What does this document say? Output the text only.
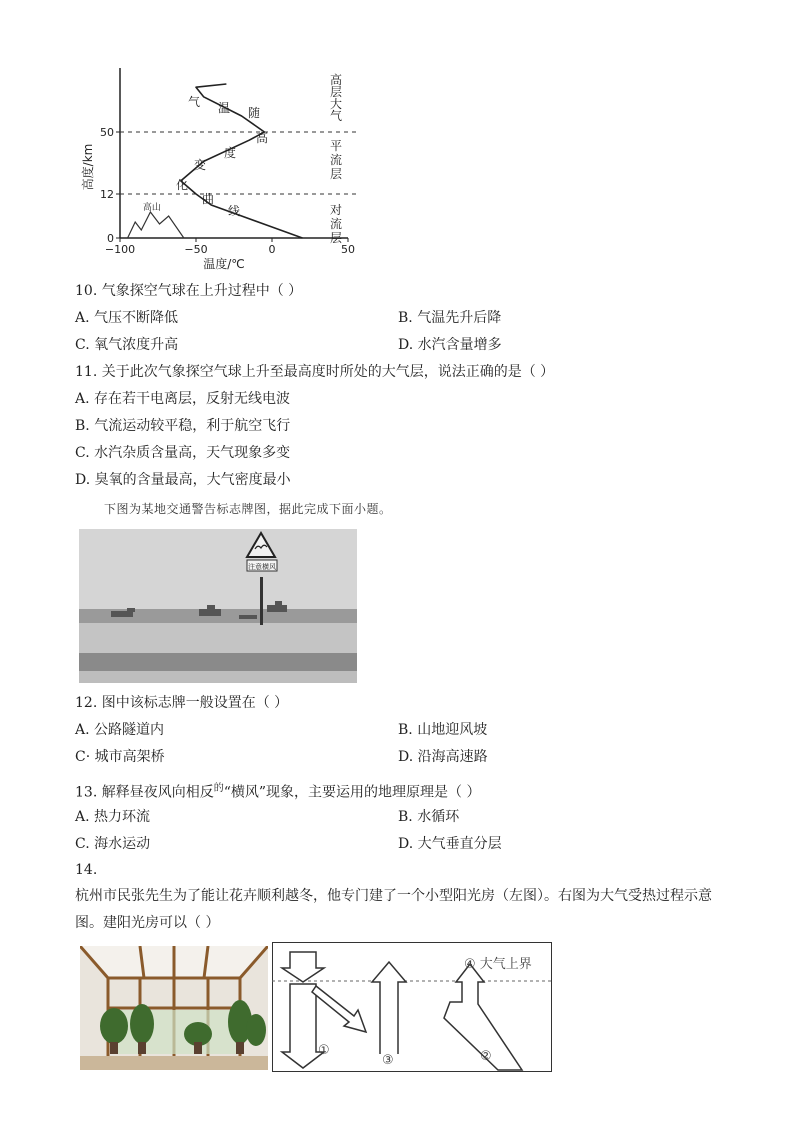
0
12
50
−100	−50	0	50
温度/℃
高度/km
高山
气 温 随
高
度
变
化
曲
线
高
层
大
气
平
流
层
对
流
层
10. 气象探空气球在上升过程中（ ）
A. 气压不断降低	B. 气温先升后降
C. 氧气浓度升高	D. 水汽含量增多
11. 关于此次气象探空气球上升至最高度时所处的大气层，说法正确的是（ ）
A. 存在若干电离层，反射无线电波
B. 气流运动较平稳，利于航空飞行
C. 水汽杂质含量高，天气现象多变
D. 臭氧的含量最高，大气密度最小
下图为某地交通警告标志牌图，据此完成下面小题。
注意横风
12. 图中该标志牌一般设置在（ ）
A. 公路隧道内	B. 山地迎风坡
C· 城市高架桥	D. 沿海高速路
13. 解释昼夜风向相反$^的$“横风”现象，主要运用的地理原理是（ ）
A. 热力环流	B. 水循环
C. 海水运动	D. 大气垂直分层
14.
杭州市民张先生为了能让花卉顺利越冬，他专门建了一个小型阳光房（左图）。右图为大气受热过程示意
图。建阳光房可以（ ）
④ 大气上界
①	②
③
